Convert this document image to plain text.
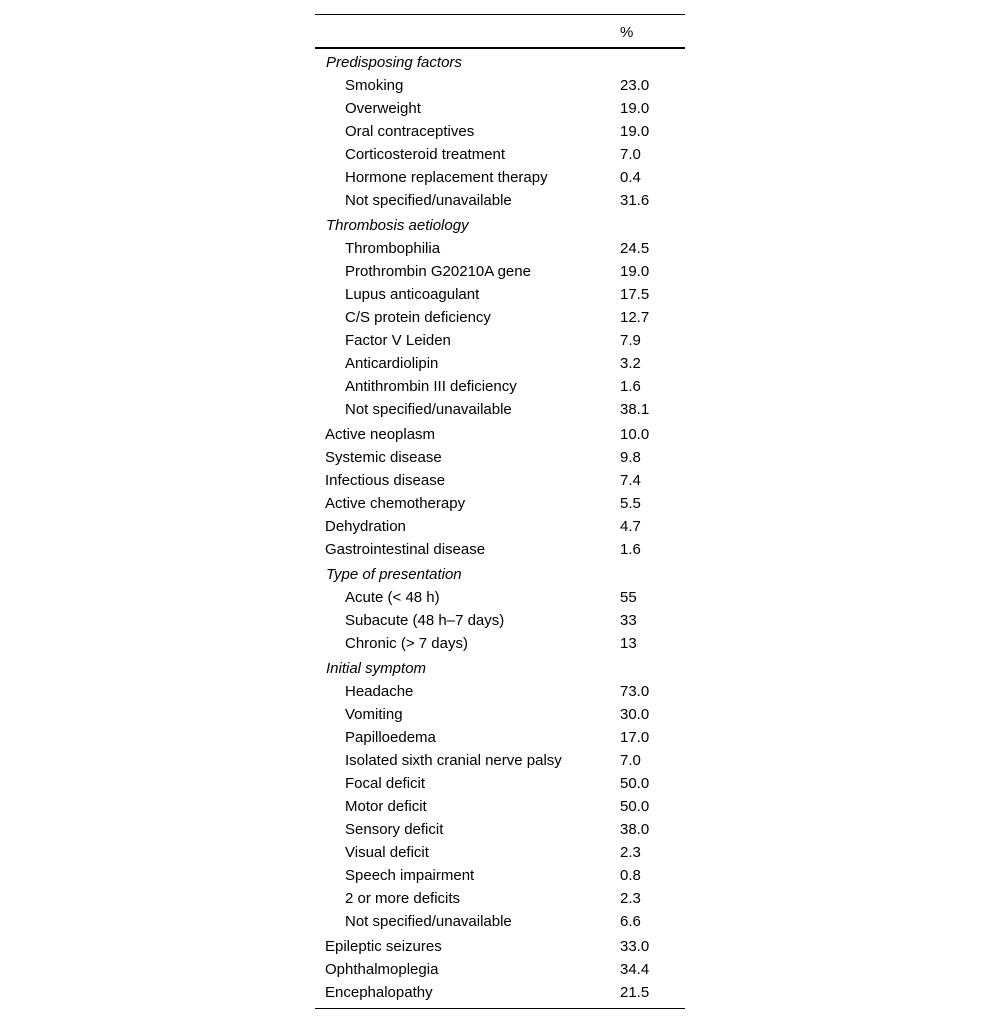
%
Predisposing factors
Smoking	23.0
Overweight	19.0
Oral contraceptives	19.0
Corticosteroid treatment	7.0
Hormone replacement therapy	0.4
Not specified/unavailable	31.6
Thrombosis aetiology
Thrombophilia	24.5
Prothrombin G20210A gene	19.0
Lupus anticoagulant	17.5
C/S protein deficiency	12.7
Factor V Leiden	7.9
Anticardiolipin	3.2
Antithrombin III deficiency	1.6
Not specified/unavailable	38.1
Active neoplasm	10.0
Systemic disease	9.8
Infectious disease	7.4
Active chemotherapy	5.5
Dehydration	4.7
Gastrointestinal disease	1.6
Type of presentation
Acute (< 48 h)	55
Subacute (48 h–7 days)	33
Chronic (> 7 days)	13
Initial symptom
Headache	73.0
Vomiting	30.0
Papilloedema	17.0
Isolated sixth cranial nerve palsy	7.0
Focal deficit	50.0
Motor deficit	50.0
Sensory deficit	38.0
Visual deficit	2.3
Speech impairment	0.8
2 or more deficits	2.3
Not specified/unavailable	6.6
Epileptic seizures	33.0
Ophthalmoplegia	34.4
Encephalopathy	21.5
